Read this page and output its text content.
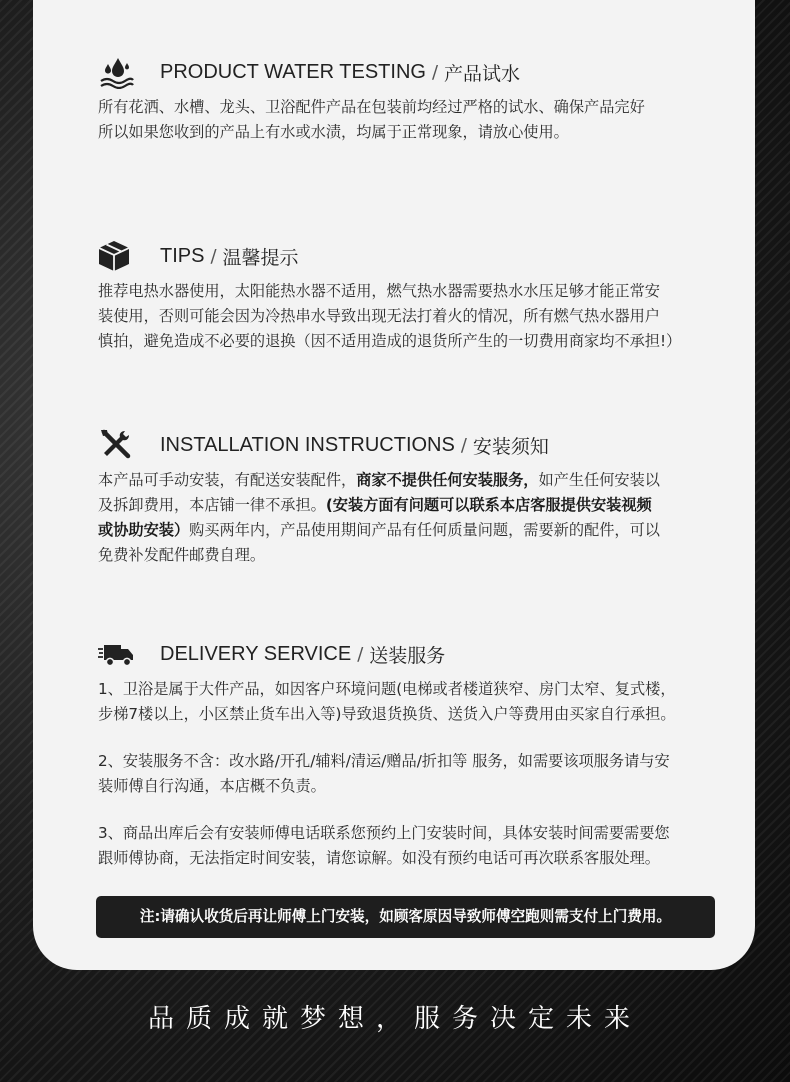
PRODUCT WATER TESTING / 产品试水

所有花洒、水槽、龙头、卫浴配件产品在包装前均经过严格的试水、确保产品完好

所以如果您收到的产品上有水或水渍，均属于正常现象，请放心使用。

TIPS / 温馨提示

推荐电热水器使用，太阳能热水器不适用，燃气热水器需要热水水压足够才能正常安

装使用，否则可能会因为冷热串水导致出现无法打着火的情况，所有燃气热水器用户

慎拍，避免造成不必要的退换（因不适用造成的退货所产生的一切费用商家均不承担!）

INSTALLATION INSTRUCTIONS / 安装须知

本产品可手动安装，有配送安装配件，商家不提供任何安装服务，如产生任何安装以

及拆卸费用，本店铺一律不承担。(安装方面有问题可以联系本店客服提供安装视频

或协助安装）购买两年内，产品使用期间产品有任何质量问题，需要新的配件，可以

免费补发配件邮费自理。

DELIVERY SERVICE / 送装服务

1、卫浴是属于大件产品，如因客户环境问题(电梯或者楼道狭窄、房门太窄、复式楼，

步梯7楼以上，小区禁止货车出入等)导致退货换货、送货入户等费用由买家自行承担。

2、安装服务不含：改水路/开孔/辅料/清运/赠品/折扣等 服务，如需要该项服务请与安

装师傅自行沟通，本店概不负责。

3、商品出库后会有安装师傅电话联系您预约上门安装时间，具体安装时间需要需要您

跟师傅协商，无法指定时间安装，请您谅解。如没有预约电话可再次联系客服处理。

注:请确认收货后再让师傅上门安装，如顾客原因导致师傅空跑则需支付上门费用。
品质成就梦想，服务决定未来
